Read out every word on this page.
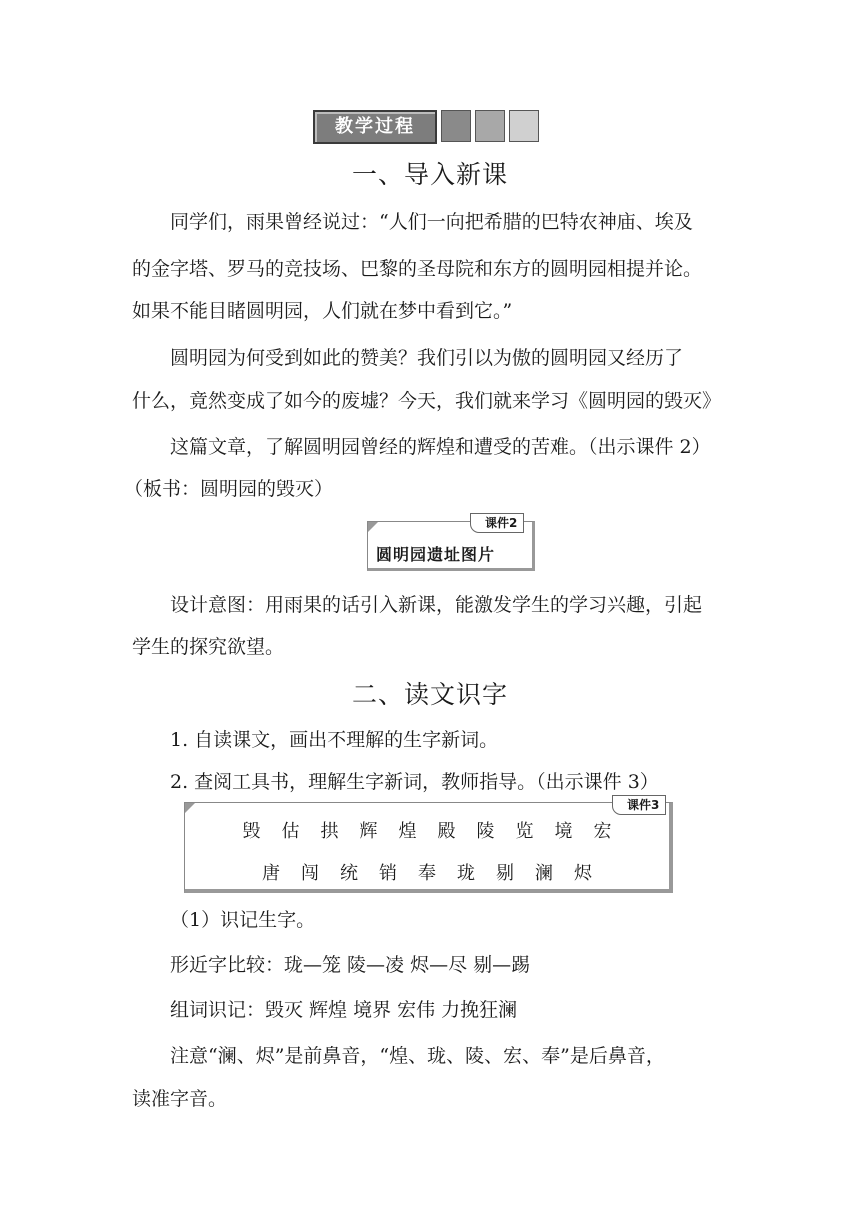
教学过程
一、导入新课
同学们，雨果曾经说过：“人们一向把希腊的巴特农神庙、埃及
的金字塔、罗马的竞技场、巴黎的圣母院和东方的圆明园相提并论。
如果不能目睹圆明园，人们就在梦中看到它。”
圆明园为何受到如此的赞美？我们引以为傲的圆明园又经历了
什么，竟然变成了如今的废墟？今天，我们就来学习《圆明园的毁灭》
这篇文章，了解圆明园曾经的辉煌和遭受的苦难。（出示课件 2）
（板书：圆明园的毁灭）
圆明园遗址图片
课件2
设计意图：用雨果的话引入新课，能激发学生的学习兴趣，引起
学生的探究欲望。
二、读文识字
1. 自读课文，画出不理解的生字新词。
2. 查阅工具书，理解生字新词，教师指导。（出示课件 3）
毁	估	拱	辉	煌	殿	陵	览	境	宏
唐	闯	统	销	奉	珑	剔	澜	烬
课件3
（1）识记生字。
形近字比较：珑—笼 陵—凌 烬—尽 剔—踢
组词识记：毁灭 辉煌 境界 宏伟 力挽狂澜
注意“澜、烬”是前鼻音，“煌、珑、陵、宏、奉”是后鼻音，
读准字音。
